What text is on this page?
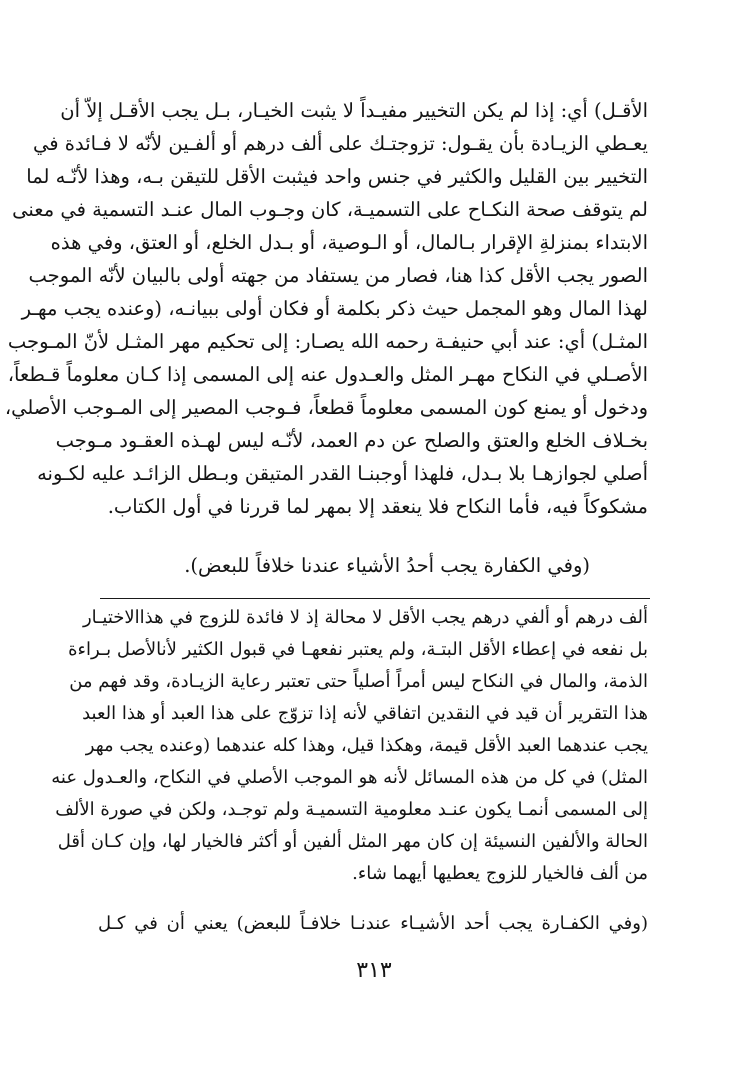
الأقـل) أي: إذا لم يكن التخيير مفيـداً لا يثبت الخيـار، بـل يجب الأقـل إلاّ أن

يعـطي الزيـادة بأن يقـول: تزوجتـك على ألف درهم أو ألفـين لأنّه لا فـائدة في

التخيير بين القليل والكثير في جنس واحد فيثبت الأقل للتيقن بـه، وهذا لأنّـه لما

لم يتوقف صحة النكـاح على التسميـة، كان وجـوب المال عنـد التسمية في معنى

الابتداء بمنزلةِ الإقرار بـالمال، أو الـوصية، أو بـدل الخلع، أو العتق، وفي هذه

الصور يجب الأقل كذا هنا، فصار من يستفاد من جهته أولى بالبيان لأنّه الموجب

لهذا المال وهو المجمل حيث ذكر بكلمة أو فكان أولى ببيانـه، (وعنده يجب مهـر

المثـل) أي: عند أبي حنيفـة رحمه الله يصـار: إلى تحكيم مهر المثـل لأنّ المـوجب

الأصـلي في النكاح مهـر المثل والعـدول عنه إلى المسمى إذا كـان معلوماً قـطعاً،

ودخول أو يمنع كون المسمى معلوماً قطعاً، فـوجب المصير إلى المـوجب الأصلي،

بخـلاف الخلع والعتق والصلح عن دم العمد، لأنّـه ليس لهـذه العقـود مـوجب

أصلي لجوازهـا بلا بـدل، فلهذا أوجبنـا القدر المتيقن وبـطل الزائـد عليه لكـونه

مشكوكاً فيه، فأما النكاح فلا ينعقد إلا بمهر لما قررنا في أول الكتاب.

(وفي الكفارة يجب أحدُ الأشياء عندنا خلافاً للبعض).

ألف درهم أو ألفي درهم يجب الأقل لا محالة إذ لا فائدة للزوج في هذاالاختيـار

بل نفعه في إعطاء الأقل البتـة، ولم يعتبر نفعهـا في قبول الكثير لأنالأصل بـراءة

الذمة، والمال في النكاح ليس أمراً أصلياً حتى تعتبر رعاية الزيـادة، وقد فهم من

هذا التقرير أن قيد في النقدين اتفاقي لأنه إذا تزوّج على هذا العبد أو هذا العبد

يجب عندهما العبد الأقل قيمة، وهكذا قيل، وهذا كله عندهما (وعنده يجب مهر

المثل) في كل من هذه المسائل لأنه هو الموجب الأصلي في النكاح، والعـدول عنه

إلى المسمى أنمـا يكون عنـد معلومية التسميـة ولم توجـد، ولكن في صورة الألف

الحالة والألفين النسيئة إن كان مهر المثل ألفين أو أكثر فالخيار لها، وإن كـان أقل

من ألف فالخيار للزوج يعطيها أيهما شاء.

(وفي الكفـارة يجب أحد الأشيـاء عندنـا خلافـاً للبعض) يعني أن في كـل

٣١٣
